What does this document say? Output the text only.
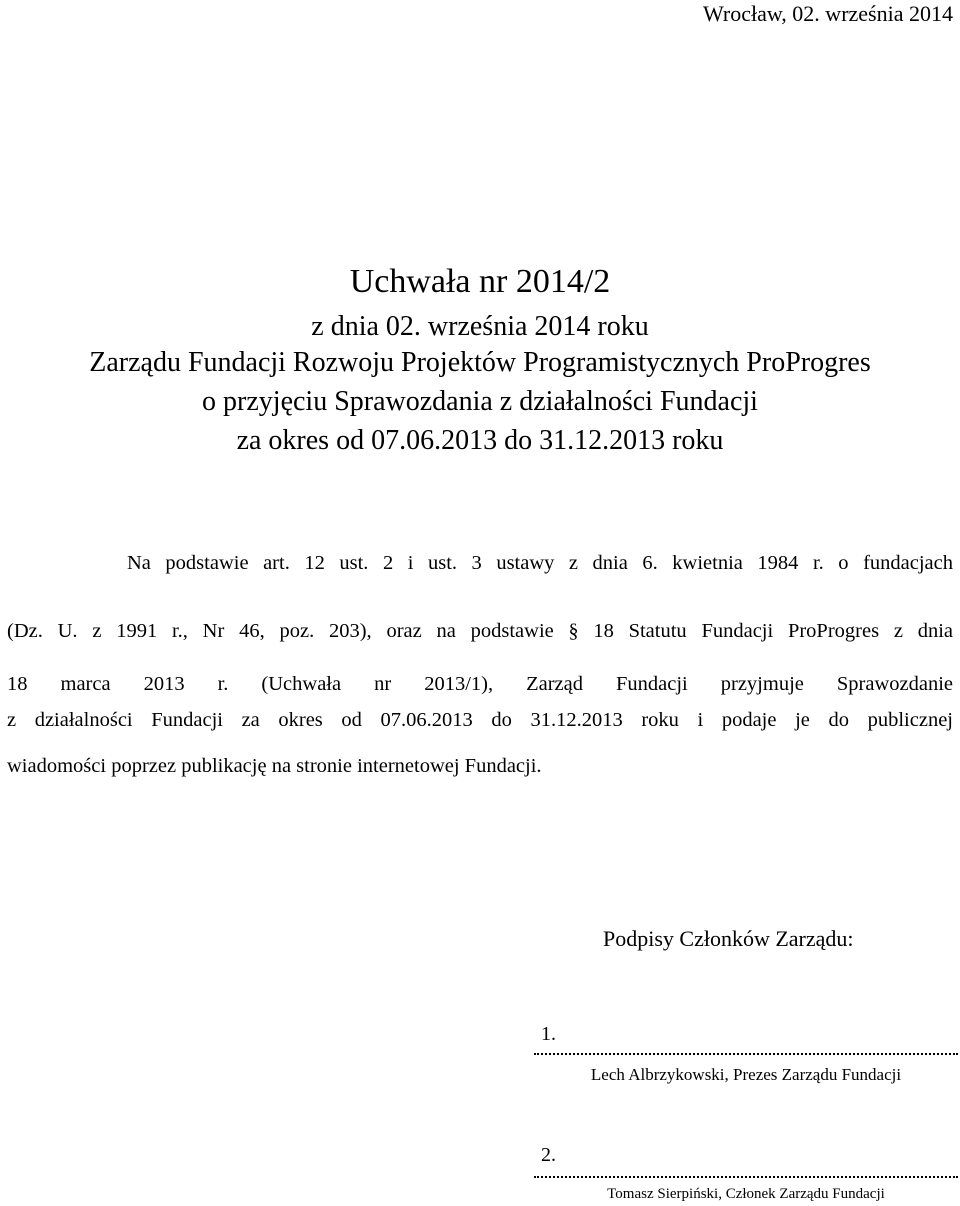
Wrocław, 02. września 2014
Uchwała nr 2014/2
z dnia 02. września 2014 roku
Zarządu Fundacji Rozwoju Projektów Programistycznych ProProgres
o przyjęciu Sprawozdania z działalności Fundacji
za okres od 07.06.2013 do 31.12.2013 roku
Na podstawie art. 12 ust. 2 i ust. 3 ustawy z dnia 6. kwietnia 1984 r. o fundacjach
(Dz. U. z 1991 r., Nr 46, poz. 203), oraz na podstawie § 18 Statutu Fundacji ProProgres z dnia
18 marca 2013 r. (Uchwała nr 2013/1), Zarząd Fundacji przyjmuje Sprawozdanie
z działalności Fundacji za okres od 07.06.2013 do 31.12.2013 roku i podaje je do publicznej
wiadomości poprzez publikację na stronie internetowej Fundacji.
Podpisy Członków Zarządu:
1.
Lech Albrzykowski, Prezes Zarządu Fundacji
2.
Tomasz Sierpiński, Członek Zarządu Fundacji
